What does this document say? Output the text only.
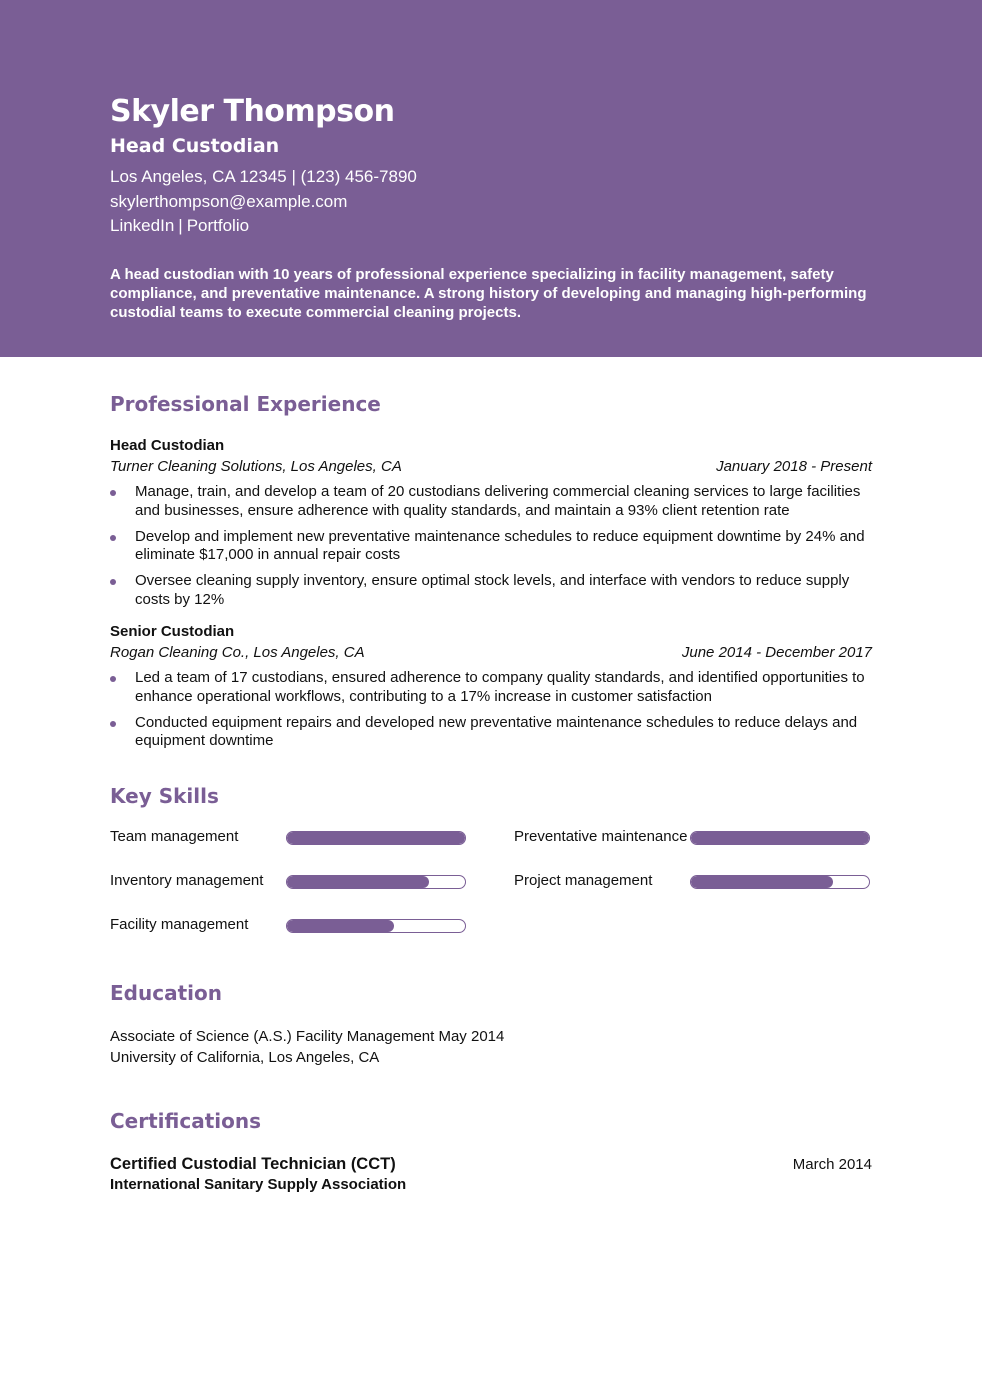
Skyler Thompson
Head Custodian
Los Angeles, CA 12345 | (123) 456-7890
skylerthompson@example.com
LinkedIn | Portfolio
A head custodian with 10 years of professional experience specializing in facility management, safety compliance, and preventative maintenance. A strong history of developing and managing high-performing custodial teams to execute commercial cleaning projects.
Professional Experience
Head Custodian
Turner Cleaning Solutions, Los Angeles, CA	January 2018 - Present
Manage, train, and develop a team of 20 custodians delivering commercial cleaning services to large facilities and businesses, ensure adherence with quality standards, and maintain a 93% client retention rate
Develop and implement new preventative maintenance schedules to reduce equipment downtime by 24% and eliminate $17,000 in annual repair costs
Oversee cleaning supply inventory, ensure optimal stock levels, and interface with vendors to reduce supply costs by 12%
Senior Custodian
Rogan Cleaning Co., Los Angeles, CA	June 2014 - December 2017
Led a team of 17 custodians, ensured adherence to company quality standards, and identified opportunities to enhance operational workflows, contributing to a 17% increase in customer satisfaction
Conducted equipment repairs and developed new preventative maintenance schedules to reduce delays and equipment downtime
Key Skills
Team management	Preventative maintenance
Inventory management	Project management
Facility management
Education
Associate of Science (A.S.) Facility Management May 2014
University of California, Los Angeles, CA
Certifications
Certified Custodial Technician (CCT)	March 2014
International Sanitary Supply Association
